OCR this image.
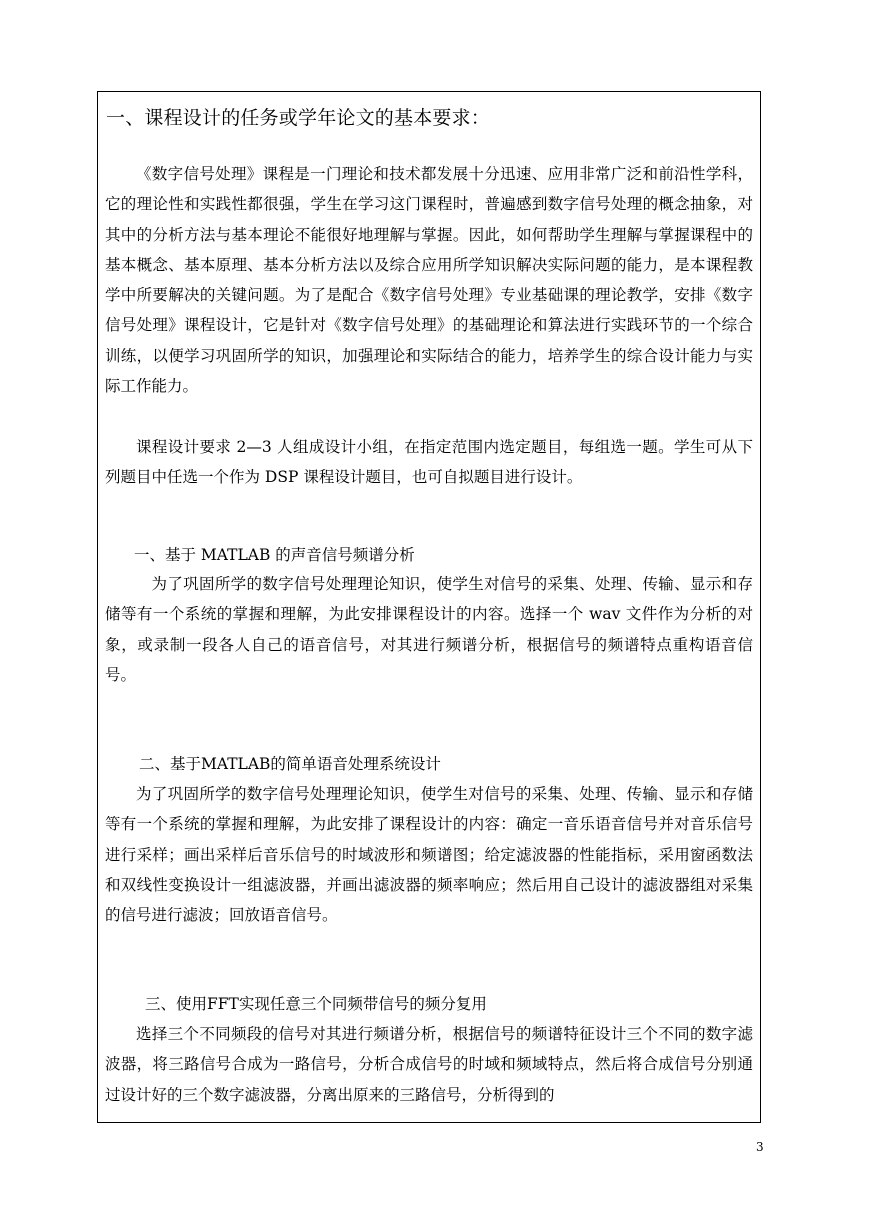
一、课程设计的任务或学年论文的基本要求：

《数字信号处理》课程是一门理论和技术都发展十分迅速、应用非常广泛和前沿性学科，它的理论性和实践性都很强，学生在学习这门课程时，普遍感到数字信号处理的概念抽象，对其中的分析方法与基本理论不能很好地理解与掌握。因此，如何帮助学生理解与掌握课程中的基本概念、基本原理、基本分析方法以及综合应用所学知识解决实际问题的能力，是本课程教学中所要解决的关键问题。为了是配合《数字信号处理》专业基础课的理论教学，安排《数字信号处理》课程设计，它是针对《数字信号处理》的基础理论和算法进行实践环节的一个综合训练，以便学习巩固所学的知识，加强理论和实际结合的能力，培养学生的综合设计能力与实际工作能力。

课程设计要求 2—3 人组成设计小组，在指定范围内选定题目，每组选一题。学生可从下列题目中任选一个作为 DSP 课程设计题目，也可自拟题目进行设计。

一、基于 MATLAB 的声音信号频谱分析

为了巩固所学的数字信号处理理论知识，使学生对信号的采集、处理、传输、显示和存储等有一个系统的掌握和理解，为此安排课程设计的内容。选择一个 wav 文件作为分析的对象，或录制一段各人自己的语音信号，对其进行频谱分析，根据信号的频谱特点重构语音信号。

二、基于MATLAB的简单语音处理系统设计

为了巩固所学的数字信号处理理论知识，使学生对信号的采集、处理、传输、显示和存储等有一个系统的掌握和理解，为此安排了课程设计的内容：确定一音乐语音信号并对音乐信号进行采样；画出采样后音乐信号的时域波形和频谱图；给定滤波器的性能指标，采用窗函数法和双线性变换设计一组滤波器，并画出滤波器的频率响应；然后用自己设计的滤波器组对采集的信号进行滤波；回放语音信号。

三、使用FFT实现任意三个同频带信号的频分复用

选择三个不同频段的信号对其进行频谱分析，根据信号的频谱特征设计三个不同的数字滤波器，将三路信号合成为一路信号，分析合成信号的时域和频域特点，然后将合成信号分别通过设计好的三个数字滤波器，分离出原来的三路信号，分析得到的

3
